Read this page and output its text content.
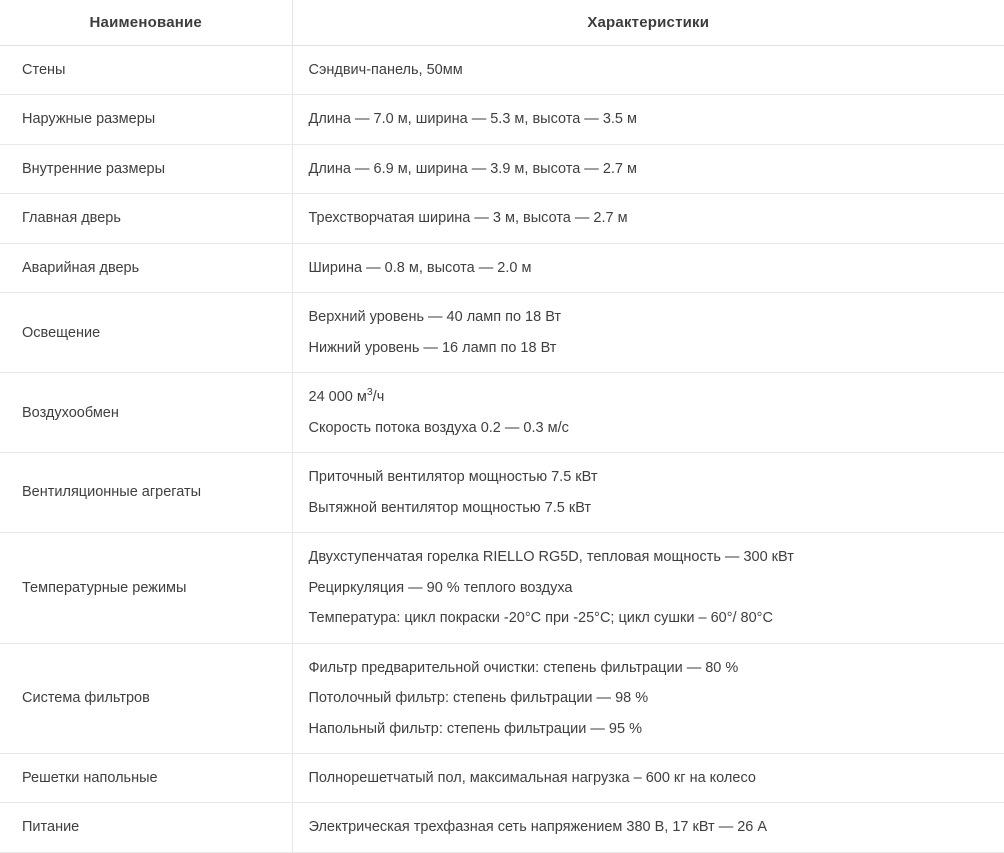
Наименование	Характеристики
Стены	Сэндвич-панель, 50мм

Наружные размеры	Длина — 7.0 м, ширина — 5.3 м, высота — 3.5 м

Внутренние размеры	Длина — 6.9 м, ширина — 3.9 м, высота — 2.7 м

Главная дверь	Трехстворчатая ширина — 3 м, высота — 2.7 м

Аварийная дверь	Ширина — 0.8 м, высота — 2.0 м

Освещение	Верхний уровень — 40 ламп по 18 Вт
Нижний уровень — 16 ламп по 18 Вт

Воздухообмен	24 000 $м^3/ч$
Скорость потока воздуха 0.2 — 0.3 м/с

Вентиляционные агрегаты	Приточный вентилятор мощностью 7.5 кВт
Вытяжной вентилятор мощностью 7.5 кВт

Температурные режимы	Двухступенчатая горелка RIELLO RG5D, тепловая мощность — 300 кВт
Рециркуляция — 90 % теплого воздуха
Температура: цикл покраски -20°C при -25°C; цикл сушки – 60°/ 80°C

Система фильтров	Фильтр предварительной очистки: степень фильтрации — 80 %
Потолочный фильтр: степень фильтрации — 98 %
Напольный фильтр: степень фильтрации — 95 %

Решетки напольные	Полнорешетчатый пол, максимальная нагрузка – 600 кг на колесо

Питание	Электрическая трехфазная сеть напряжением 380 В, 17 кВт — 26 А
